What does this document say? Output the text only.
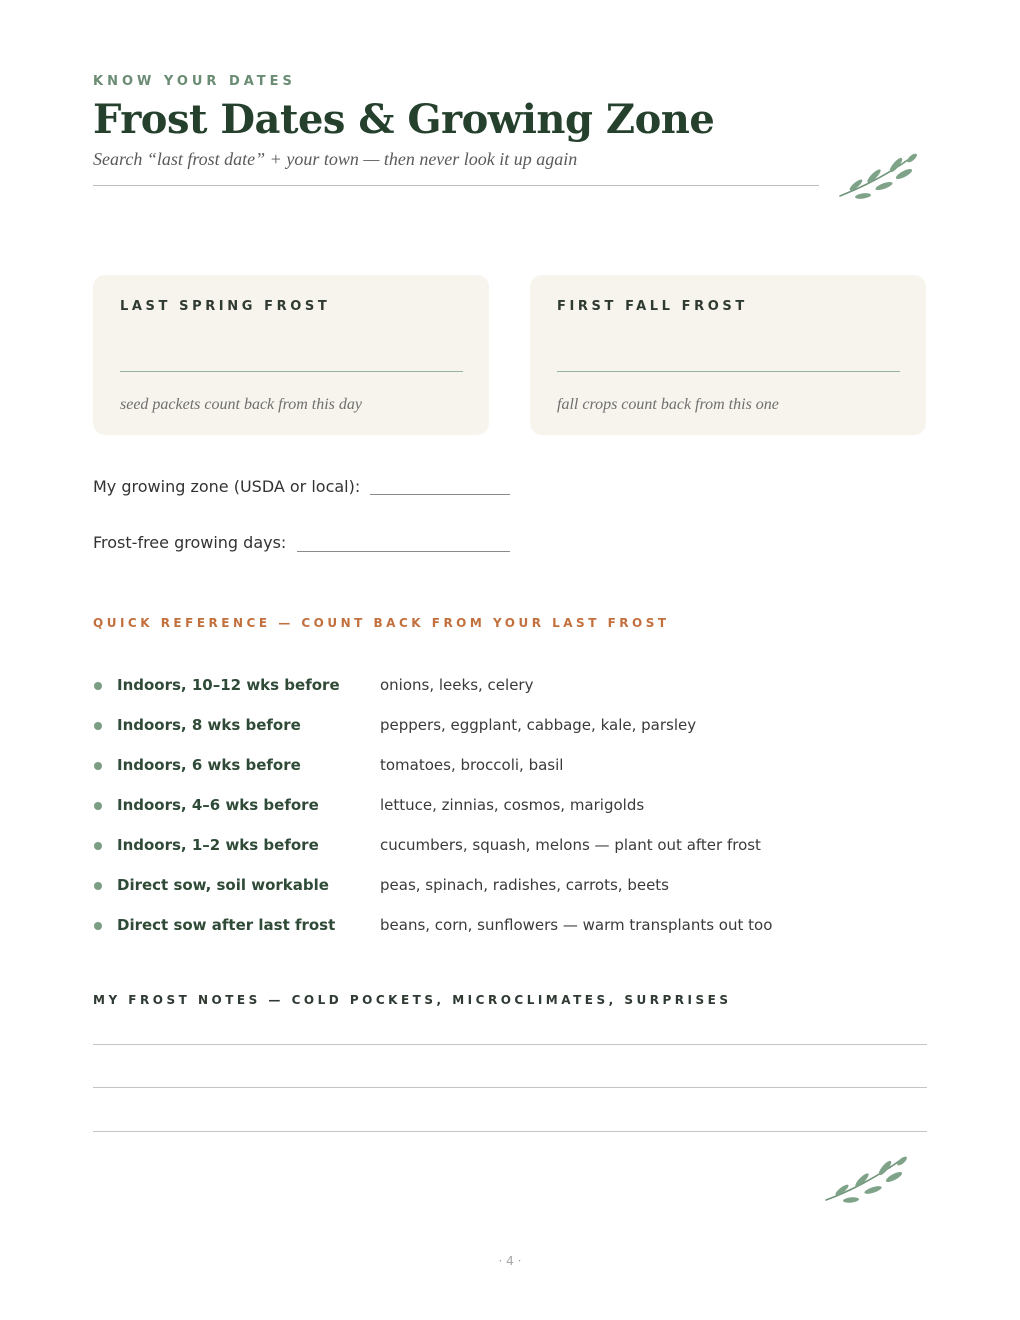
KNOW YOUR DATES

Frost Dates & Growing Zone

Search “last frost date” + your town — then never look it up again

LAST SPRING FROST

seed packets count back from this day

FIRST FALL FROST

fall crops count back from this one

My growing zone (USDA or local):
Frost-free growing days:

QUICK REFERENCE — COUNT BACK FROM YOUR LAST FROST

Indoors, 10–12 wks before	onions, leeks, celery
Indoors, 8 wks before	peppers, eggplant, cabbage, kale, parsley
Indoors, 6 wks before	tomatoes, broccoli, basil
Indoors, 4–6 wks before	lettuce, zinnias, cosmos, marigolds
Indoors, 1–2 wks before	cucumbers, squash, melons — plant out after frost
Direct sow, soil workable	peas, spinach, radishes, carrots, beets
Direct sow after last frost	beans, corn, sunflowers — warm transplants out too

MY FROST NOTES — COLD POCKETS, MICROCLIMATES, SURPRISES

· 4 ·
